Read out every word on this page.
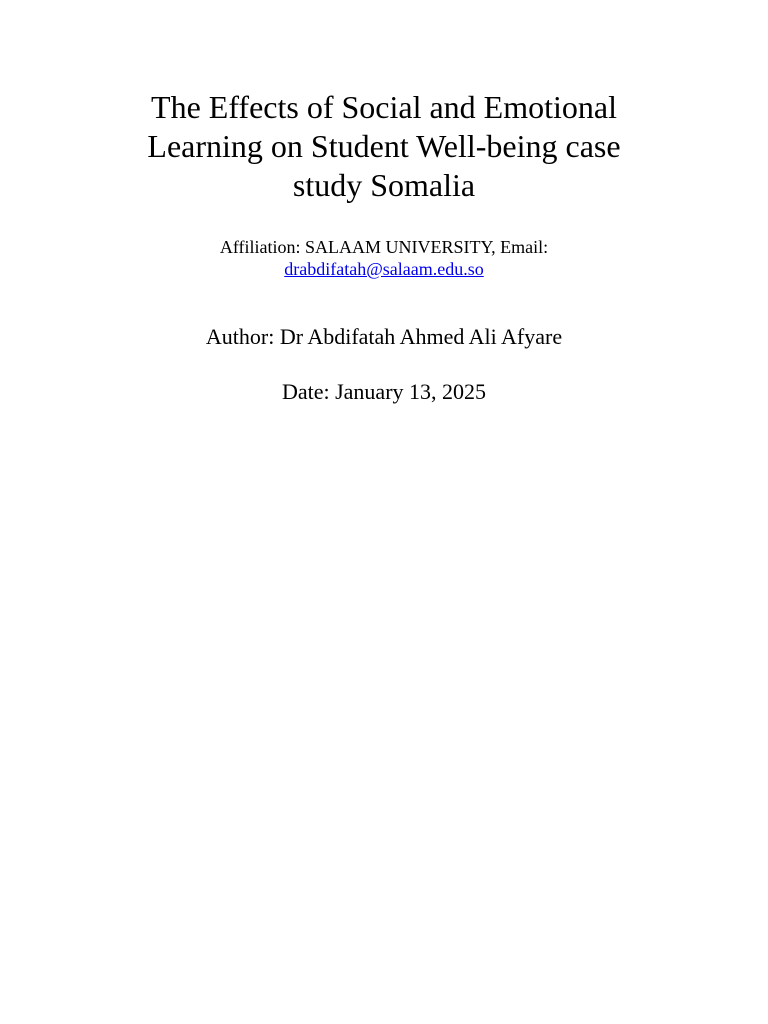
The Effects of Social and Emotional
Learning on Student Well-being case
study Somalia

Affiliation: SALAAM UNIVERSITY, Email:
drabdifatah@salaam.edu.so

Author: Dr Abdifatah Ahmed Ali Afyare

Date: January 13, 2025
